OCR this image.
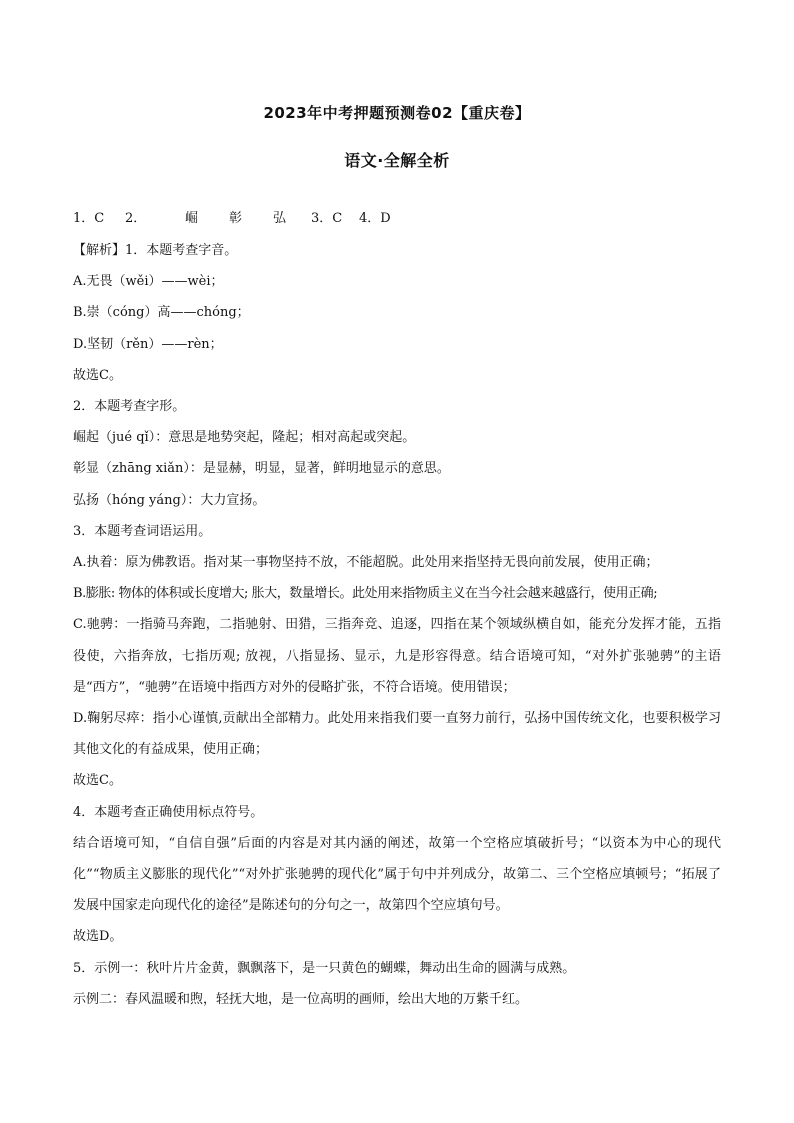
2023年中考押题预测卷02【重庆卷】
语文·全解全析
1．C 2．	崛 彰 弘 3．C 4．D
【解析】1．本题考查字音。
A.无畏（wěi）——wèi；
B.崇（cóng）高——chóng；
D.坚韧（rěn）——rèn；
故选C。
2．本题考查字形。
崛起（jué qǐ）：意思是地势突起，隆起；相对高起或突起。
彰显（zhāng xiǎn）：是显赫，明显，显著，鲜明地显示的意思。
弘扬（hóng yáng）：大力宣扬。
3．本题考查词语运用。
A.执着：原为佛教语。指对某一事物坚持不放，不能超脱。此处用来指坚持无畏向前发展，使用正确；
B.膨胀: 物体的体积或长度增大; 胀大，数量增长。此处用来指物质主义在当今社会越来越盛行，使用正确;
C.驰骋：一指骑马奔跑，二指驰射、田猎，三指奔竞、追逐，四指在某个领域纵横自如，能充分发挥才能，五指役使，六指奔放，七指历观; 放视，八指显扬、显示，九是形容得意。结合语境可知，“对外扩张驰骋”的主语是“西方”，“驰骋”在语境中指西方对外的侵略扩张，不符合语境。使用错误；
D.鞠躬尽瘁：指小心谨慎,贡献出全部精力。此处用来指我们要一直努力前行，弘扬中国传统文化，也要积极学习其他文化的有益成果，使用正确；
故选C。
4．本题考查正确使用标点符号。
结合语境可知，“自信自强”后面的内容是对其内涵的阐述，故第一个空格应填破折号；“以资本为中心的现代化”“物质主义膨胀的现代化”“对外扩张驰骋的现代化”属于句中并列成分，故第二、三个空格应填顿号；“拓展了发展中国家走向现代化的途径”是陈述句的分句之一，故第四个空应填句号。
故选D。
5．示例一：秋叶片片金黄，飘飘落下，是一只黄色的蝴蝶，舞动出生命的圆满与成熟。
示例二：春风温暖和煦，轻抚大地，是一位高明的画师，绘出大地的万紫千红。
